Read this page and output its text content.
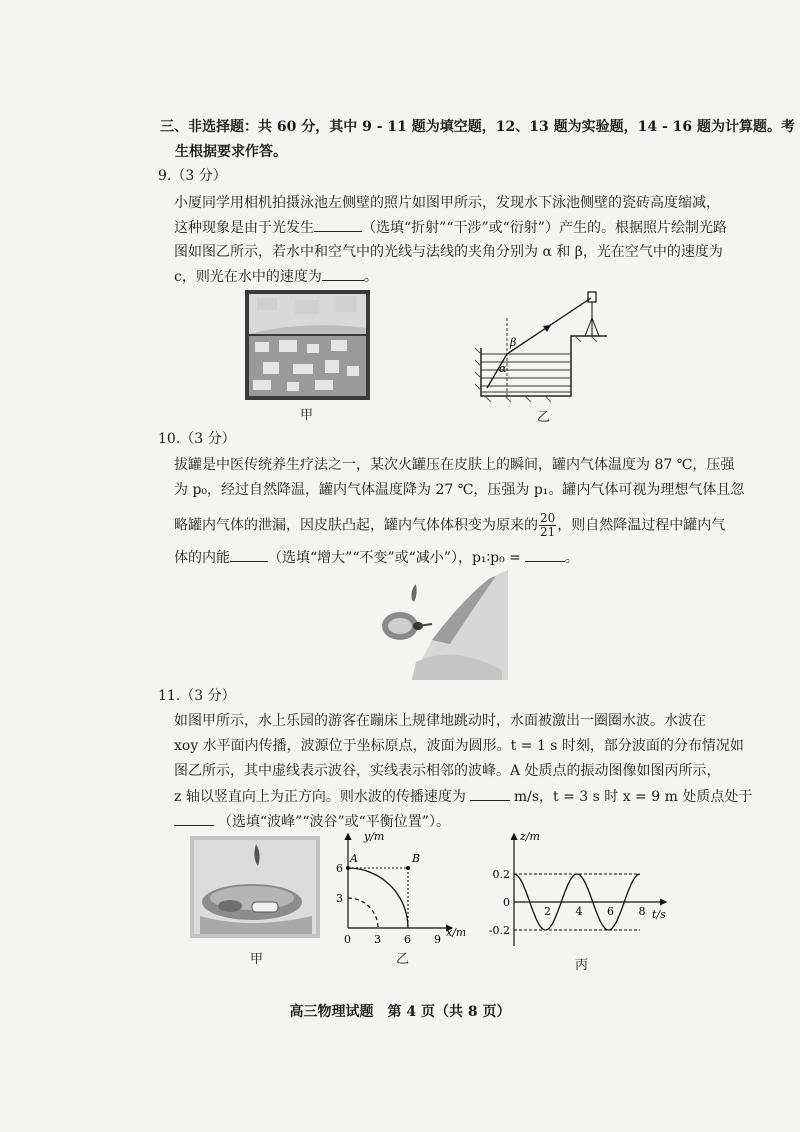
三、非选择题：共 60 分，其中 9 - 11 题为填空题，12、13 题为实验题，14 - 16 题为计算题。考
生根据要求作答。
9.（3 分）
小厦同学用相机拍摄泳池左侧壁的照片如图甲所示，发现水下泳池侧壁的瓷砖高度缩减，
这种现象是由于光发生	（选填“折射”“干涉”或“衍射”）产生的。根据照片绘制光路
图如图乙所示，若水中和空气中的光线与法线的夹角分别为 α 和 β，光在空气中的速度为
c，则光在水中的速度为	。
甲
β
α
乙
10.（3 分）
拔罐是中医传统养生疗法之一，某次火罐压在皮肤上的瞬间，罐内气体温度为 87 ℃，压强
为 p₀，经过自然降温，罐内气体温度降为 27 ℃，压强为 p₁。罐内气体可视为理想气体且忽
略罐内气体的泄漏，因皮肤凸起，罐内气体体积变为原来的 $\frac{20}{21}$ ，则自然降温过程中罐内气
体的内能	（选填“增大”“不变”或“减小”），p₁∶p₀ =	。
11.（3 分）
如图甲所示，水上乐园的游客在蹦床上规律地跳动时，水面被激出一圈圈水波。水波在
xoy 水平面内传播，波源位于坐标原点，波面为圆形。t = 1 s 时刻，部分波面的分布情况如
图乙所示，其中虚线表示波谷，实线表示相邻的波峰。A 处质点的振动图像如图丙所示，
z 轴以竖直向上为正方向。则水波的传播速度为	m/s，t = 3 s 时 x = 9 m 处质点处于
（选填“波峰”“波谷”或“平衡位置”）。
甲
y/m
x/m
A	B
6
3
0 3 6 9
乙
z/m
t/s
0.2
0
-0.2
2 4 6 8
丙
高三物理试题　第 4 页（共 8 页）
